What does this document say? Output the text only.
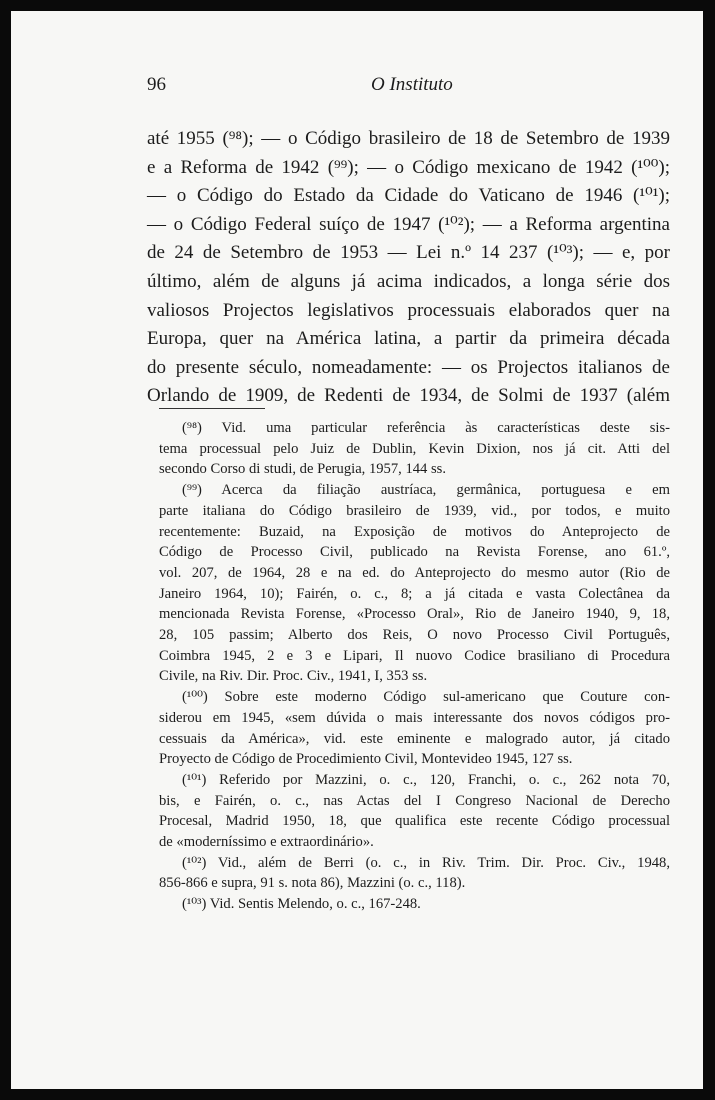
96	O Instituto

até 1955 (⁹⁸); — o Código brasileiro de 18 de Setembro de 1939
e a Reforma de 1942 (⁹⁹); — o Código mexicano de 1942 (¹⁰⁰);
— o Código do Estado da Cidade do Vaticano de 1946 (¹⁰¹);
— o Código Federal suíço de 1947 (¹⁰²); — a Reforma argentina
de 24 de Setembro de 1953 — Lei n.º 14 237 (¹⁰³); — e, por
último, além de alguns já acima indicados, a longa série dos
valiosos Projectos legislativos processuais elaborados quer na
Europa, quer na América latina, a partir da primeira década
do presente século, nomeadamente: — os Projectos italianos de
Orlando de 1909, de Redenti de 1934, de Solmi de 1937 (além

(⁹⁸) Vid. uma particular referência às características deste sis-
tema processual pelo Juiz de Dublin, Kevin Dixion, nos já cit. Atti del
secondo Corso di studi, de Perugia, 1957, 144 ss.
(⁹⁹) Acerca da filiação austríaca, germânica, portuguesa e em
parte italiana do Código brasileiro de 1939, vid., por todos, e muito
recentemente: Buzaid, na Exposição de motivos do Anteprojecto de
Código de Processo Civil, publicado na Revista Forense, ano 61.º,
vol. 207, de 1964, 28 e na ed. do Anteprojecto do mesmo autor (Rio de
Janeiro 1964, 10); Fairén, o. c., 8; a já citada e vasta Colectânea da
mencionada Revista Forense, «Processo Oral», Rio de Janeiro 1940, 9, 18,
28, 105 passim; Alberto dos Reis, O novo Processo Civil Português,
Coimbra 1945, 2 e 3 e Lipari, Il nuovo Codice brasiliano di Procedura
Civile, na Riv. Dir. Proc. Civ., 1941, I, 353 ss.
(¹⁰⁰) Sobre este moderno Código sul-americano que Couture con-
siderou em 1945, «sem dúvida o mais interessante dos novos códigos pro-
cessuais da América», vid. este eminente e malogrado autor, já citado
Proyecto de Código de Procedimiento Civil, Montevideo 1945, 127 ss.
(¹⁰¹) Referido por Mazzini, o. c., 120, Franchi, o. c., 262 nota 70,
bis, e Fairén, o. c., nas Actas del I Congreso Nacional de Derecho
Procesal, Madrid 1950, 18, que qualifica este recente Código processual
de «moderníssimo e extraordinário».
(¹⁰²) Vid., além de Berri (o. c., in Riv. Trim. Dir. Proc. Civ., 1948,
856-866 e supra, 91 s. nota 86), Mazzini (o. c., 118).
(¹⁰³) Vid. Sentis Melendo, o. c., 167-248.
